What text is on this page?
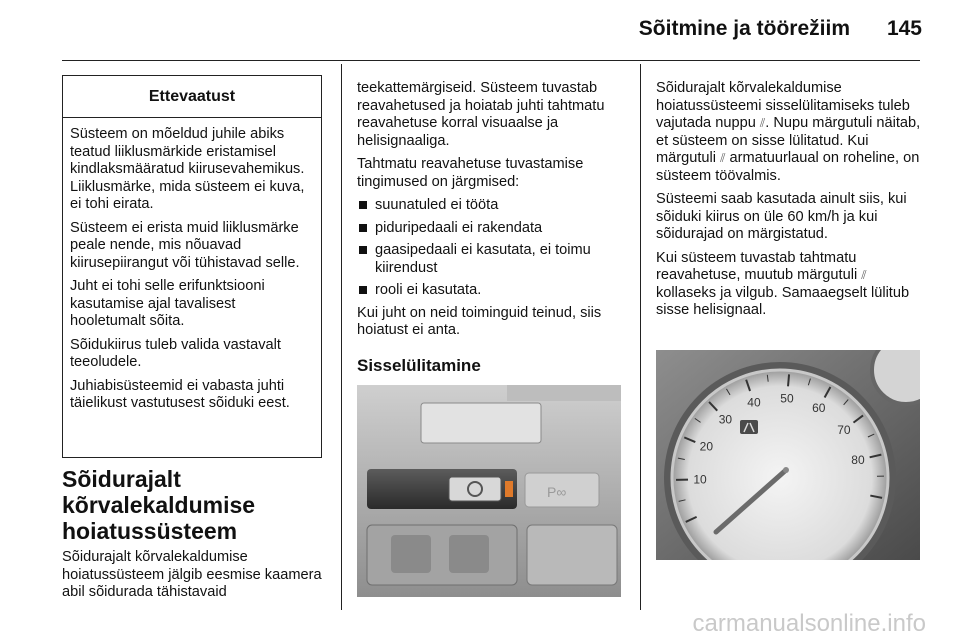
Sõitmine ja töörežiim	145
Ettevaatust

Süsteem on mõeldud juhile abiks teatud liiklusmärkide eristamisel kindlaksmääratud kiirusevahemikus. Liiklusmärke, mida süsteem ei kuva, ei tohi eirata.

Süsteem ei erista muid liiklusmärke peale nende, mis nõuavad kiirusepiirangut või tühistavad selle.

Juht ei tohi selle erifunktsiooni kasutamise ajal tavalisest hooletumalt sõita.

Sõidukiirus tuleb valida vastavalt teeoludele.

Juhiabisüsteemid ei vabasta juhti täielikust vastutusest sõiduki eest.

Sõidurajalt kõrvalekaldumise hoiatussüsteem

Sõidurajalt kõrvalekaldumise hoiatussüsteem jälgib eesmise kaamera abil sõidurada tähistavaid

teekattemärgiseid. Süsteem tuvastab reavahetused ja hoiatab juhti tahtmatu reavahetuse korral visuaalse ja helisignaaliga.

Tahtmatu reavahetuse tuvastamise tingimused on järgmised:

suunatuled ei tööta
piduripedaali ei rakendata
gaasipedaali ei kasutata, ei toimu kiirendust
rooli ei kasutata.

Kui juht on neid toiminguid teinud, siis hoiatust ei anta.

Sisselülitamine
P∞

Sõidurajalt kõrvalekaldumise hoiatussüsteemi sisselülitamiseks tuleb vajutada nuppu ⫽. Nupu märgutuli näitab, et süsteem on sisse lülitatud. Kui märgutuli ⫽ armatuurlaual on roheline, on süsteem töövalmis.

Süsteemi saab kasutada ainult siis, kui sõiduki kiirus on üle 60 km/h ja kui sõidurajad on märgistatud.

Kui süsteem tuvastab tahtmatu reavahetuse, muutub märgutuli ⫽ kollaseks ja vilgub. Samaaegselt lülitub sisse helisignaal.

10
20
30
40 50
60
70
80
carmanualsonline.info
